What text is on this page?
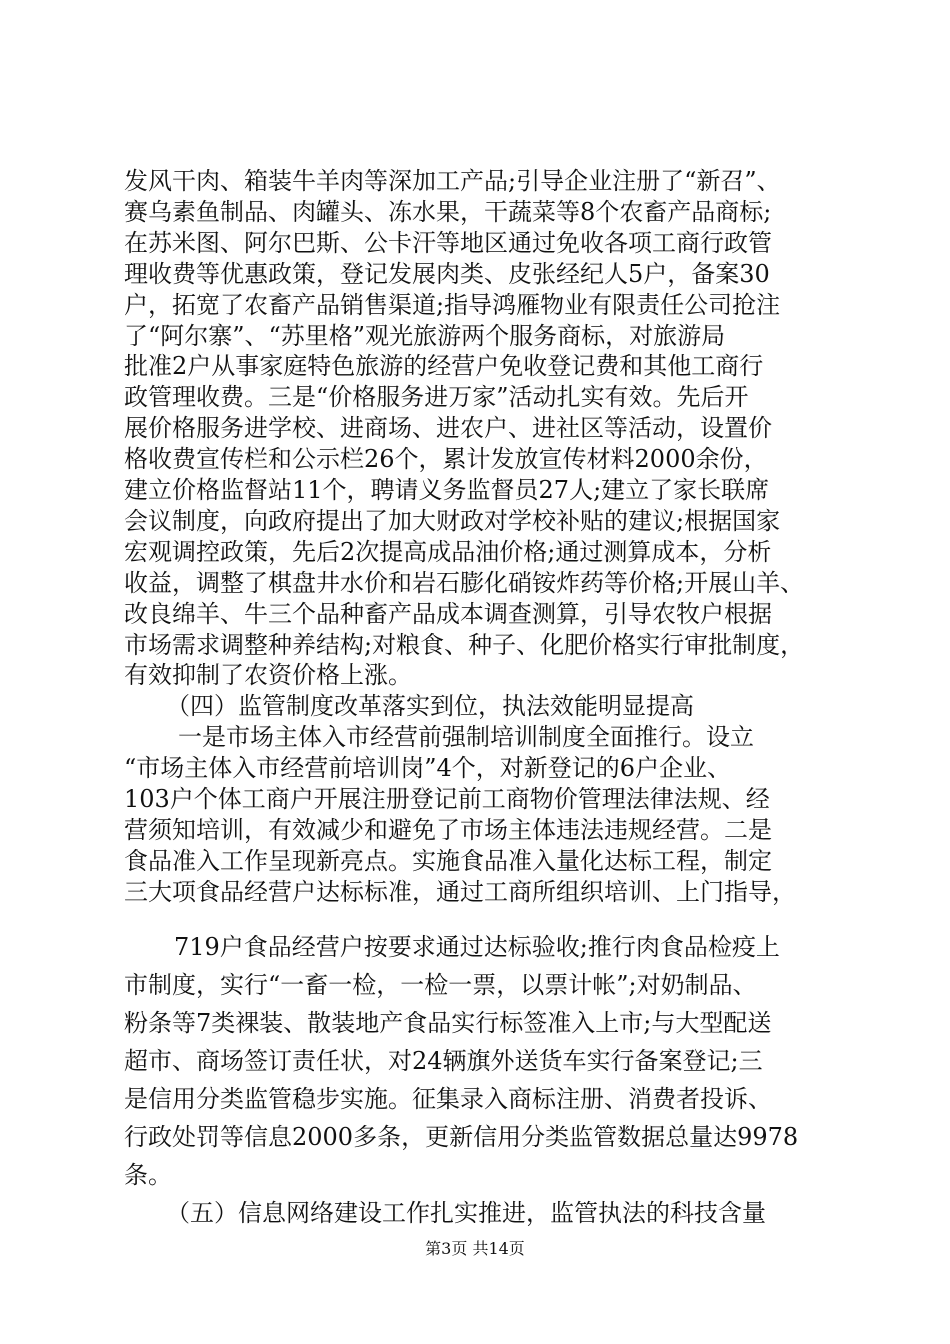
发风干肉、箱装牛羊肉等深加工产品;引导企业注册了“新召”、
赛乌素鱼制品、肉罐头、冻水果，干蔬菜等8个农畜产品商标;
在苏米图、阿尔巴斯、公卡汗等地区通过免收各项工商行政管
理收费等优惠政策，登记发展肉类、皮张经纪人5户，备案30
户，拓宽了农畜产品销售渠道;指导鸿雁物业有限责任公司抢注
了“阿尔寨”、“苏里格”观光旅游两个服务商标，对旅游局
批准2户从事家庭特色旅游的经营户免收登记费和其他工商行
政管理收费。三是“价格服务进万家”活动扎实有效。先后开
展价格服务进学校、进商场、进农户、进社区等活动，设置价
格收费宣传栏和公示栏26个，累计发放宣传材料2000余份，
建立价格监督站11个，聘请义务监督员27人;建立了家长联席
会议制度，向政府提出了加大财政对学校补贴的建议;根据国家
宏观调控政策，先后2次提高成品油价格;通过测算成本，分析
收益，调整了棋盘井水价和岩石膨化硝铵炸药等价格;开展山羊、
改良绵羊、牛三个品种畜产品成本调查测算，引导农牧户根据
市场需求调整种养结构;对粮食、种子、化肥价格实行审批制度，
有效抑制了农资价格上涨。
（四）监管制度改革落实到位，执法效能明显提高
一是市场主体入市经营前强制培训制度全面推行。设立
“市场主体入市经营前培训岗”4个，对新登记的6户企业、
103户个体工商户开展注册登记前工商物价管理法律法规、经
营须知培训，有效减少和避免了市场主体违法违规经营。二是
食品准入工作呈现新亮点。实施食品准入量化达标工程，制定
三大项食品经营户达标标准，通过工商所组织培训、上门指导，
719户食品经营户按要求通过达标验收;推行肉食品检疫上
市制度，实行“一畜一检，一检一票，以票计帐”;对奶制品、
粉条等7类裸装、散装地产食品实行标签准入上市;与大型配送
超市、商场签订责任状，对24辆旗外送货车实行备案登记;三
是信用分类监管稳步实施。征集录入商标注册、消费者投诉、
行政处罚等信息2000多条，更新信用分类监管数据总量达9978
条。
（五）信息网络建设工作扎实推进，监管执法的科技含量
第3页 共14页
